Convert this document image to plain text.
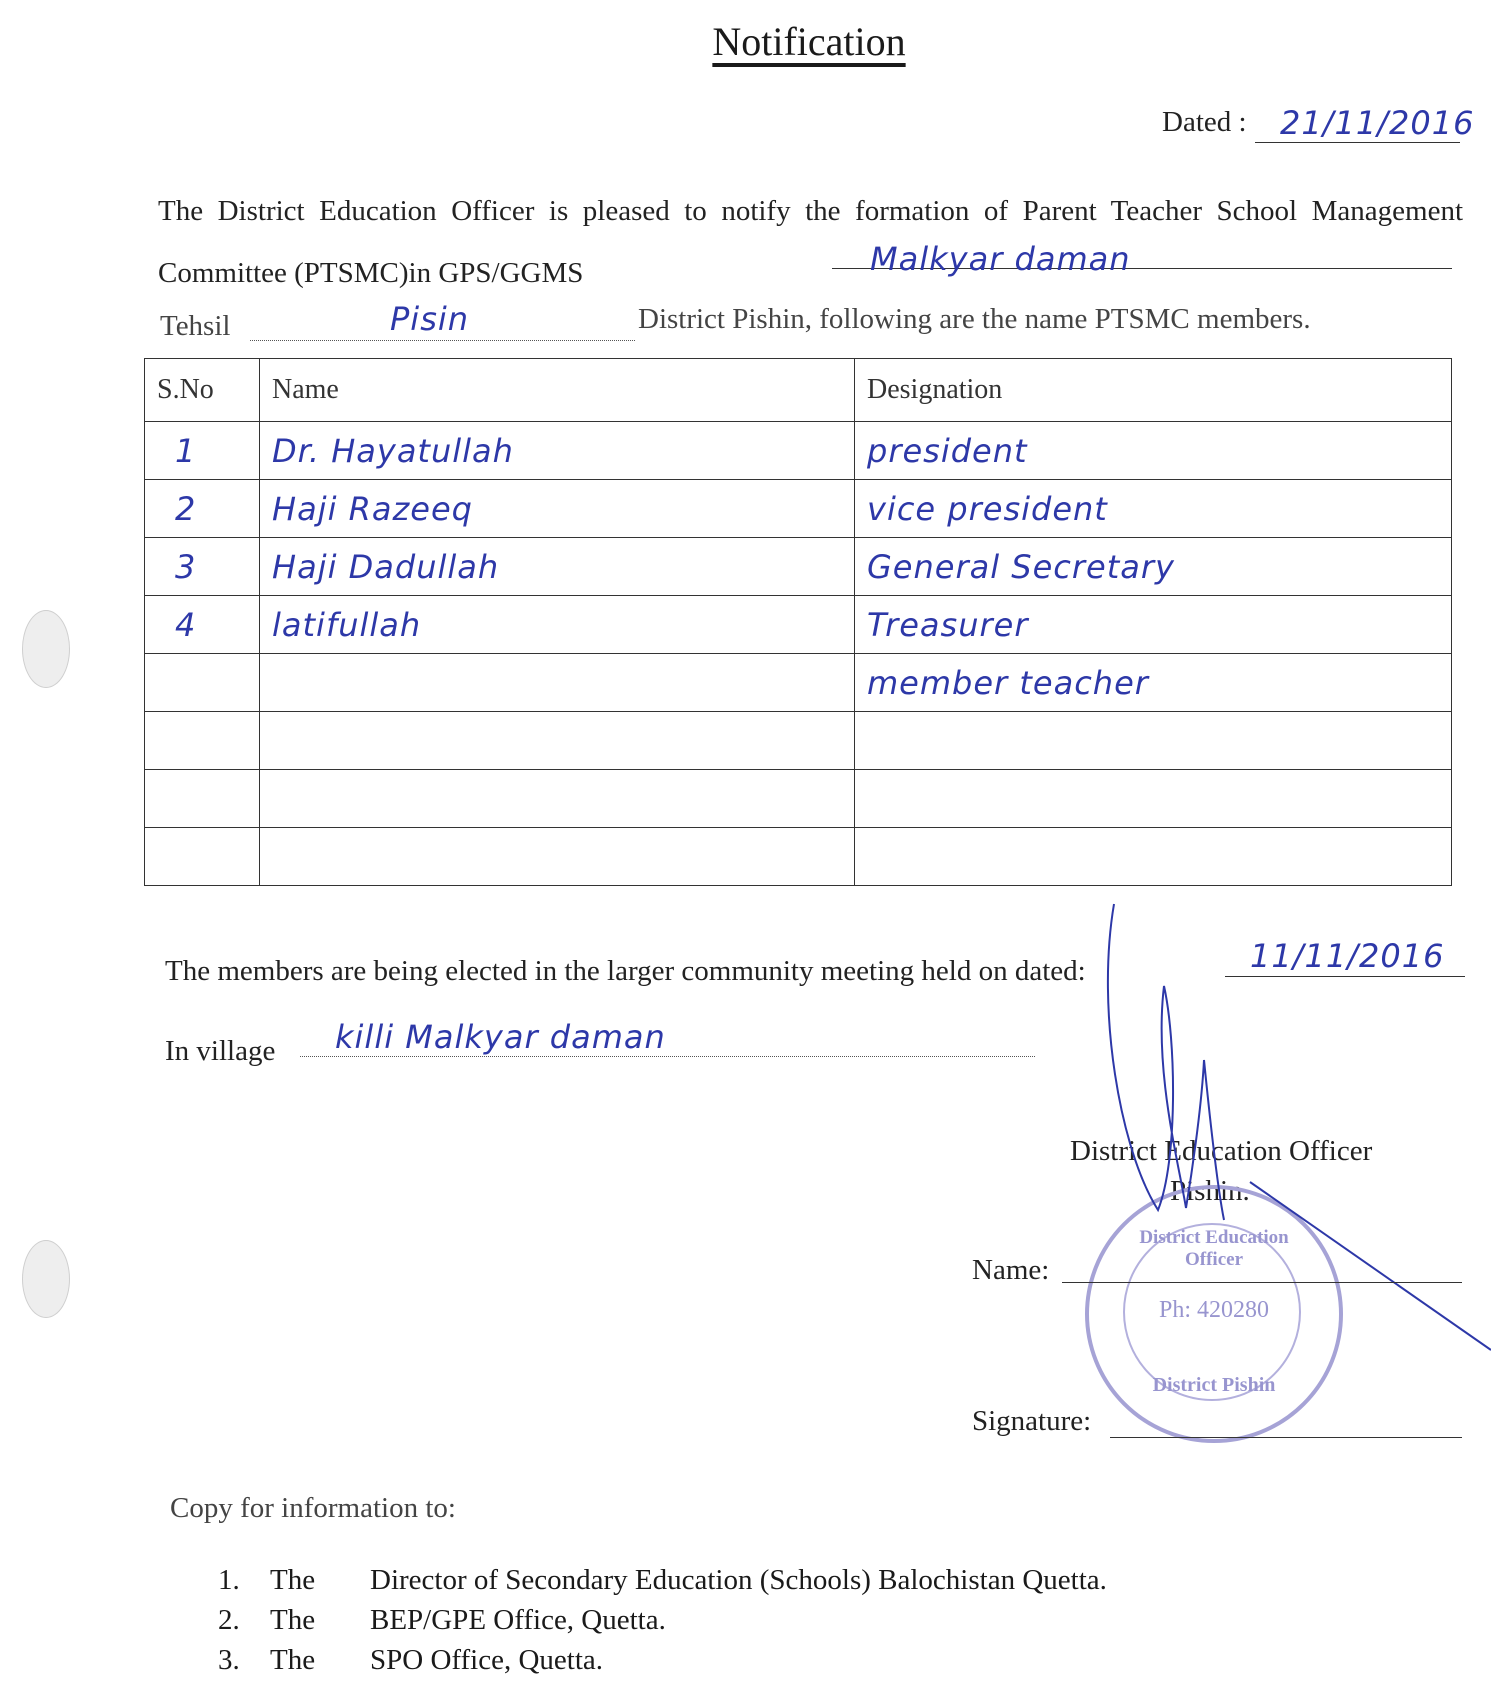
Notification
Dated : 21/11/2016
The District Education Officer is pleased to notify the formation of Parent Teacher School Management Committee (PTSMC)in GPS/GGMS	Malkyar daman
Tehsil	Pisin	District Pishin, following are the name PTSMC members.
S.No	Name	Designation
1	Dr. Hayatullah	president
2	Haji Razeeq	vice president
3	Haji Dadullah	General Secretary
4	latifullah	Treasurer
		member teacher

The members are being elected in the larger community meeting held on dated:	11/11/2016
In village killi Malkyar daman
District Education Officer
Pishin.
District Education Officer
Ph: 420280
District Pishin
Name:
Signature:
Copy for information to:
1.	The	Director of Secondary Education (Schools) Balochistan Quetta.
2.	The	BEP/GPE Office, Quetta.
3.	The	SPO Office, Quetta.
